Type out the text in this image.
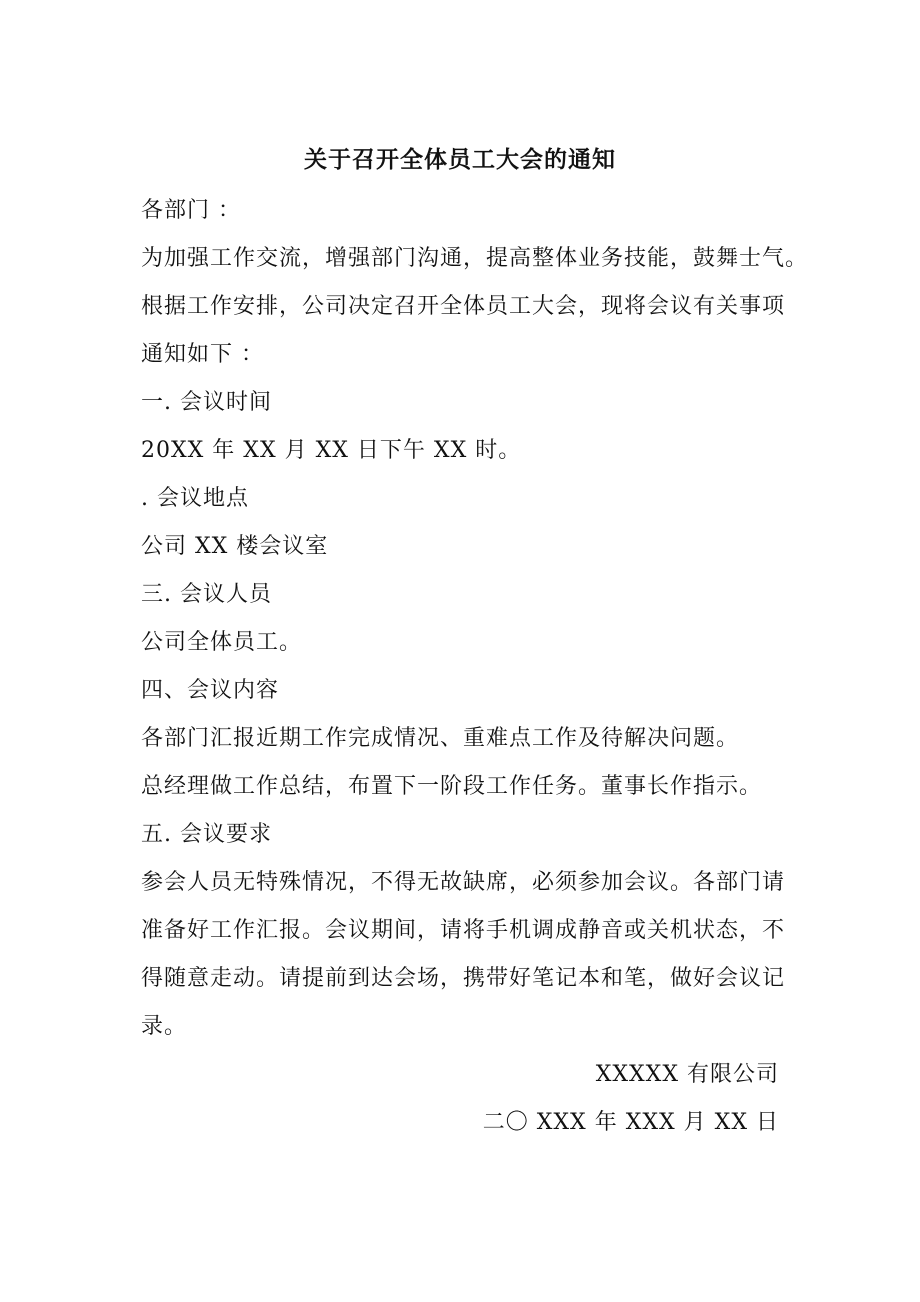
关于召开全体员工大会的通知
各部门 ：
为加强工作交流，增强部门沟通，提高整体业务技能，鼓舞士气。
根据工作安排，公司决定召开全体员工大会，现将会议有关事项
通知如下 ：
一. 会议时间
20XX 年 XX 月 XX 日下午 XX 时。
. 会议地点
公司 XX 楼会议室
三. 会议人员
公司全体员工。
四、会议内容
各部门汇报近期工作完成情况、重难点工作及待解决问题。
总经理做工作总结，布置下一阶段工作任务。董事长作指示。
五. 会议要求
参会人员无特殊情况，不得无故缺席，必须参加会议。各部门请
准备好工作汇报。会议期间，请将手机调成静音或关机状态，不
得随意走动。请提前到达会场，携带好笔记本和笔，做好会议记
录。
XXXXX 有限公司
二〇 XXX 年 XXX 月 XX 日
